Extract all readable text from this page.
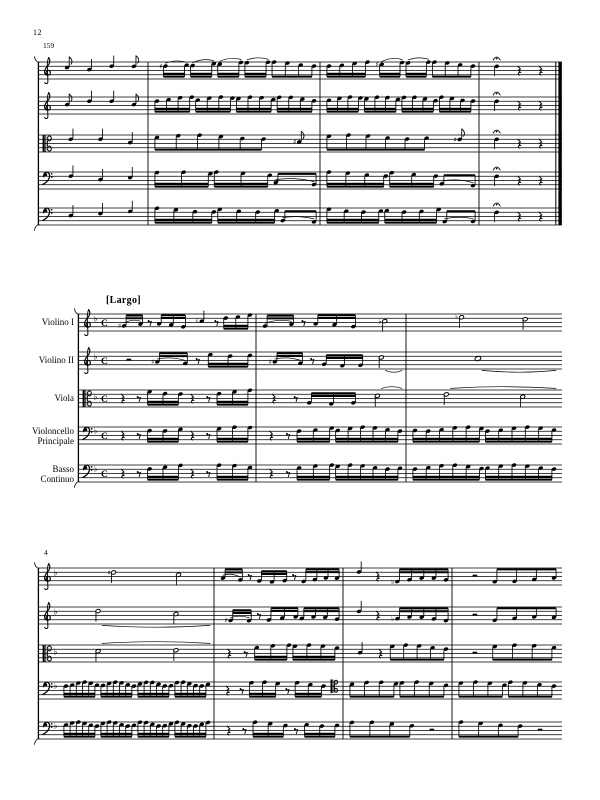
12
159
[Largo]
4
Violino I
Violino II
Viola
Violoncello
Principale
Basso
Continuo
♯	♯
♯	♯
♭ C ♯
♮	♭	♮
♭ C	♯	♯
♭ C
♭
C
♭
C
♭	♯
♭
♭
♯	♭
♭
♭
♭
